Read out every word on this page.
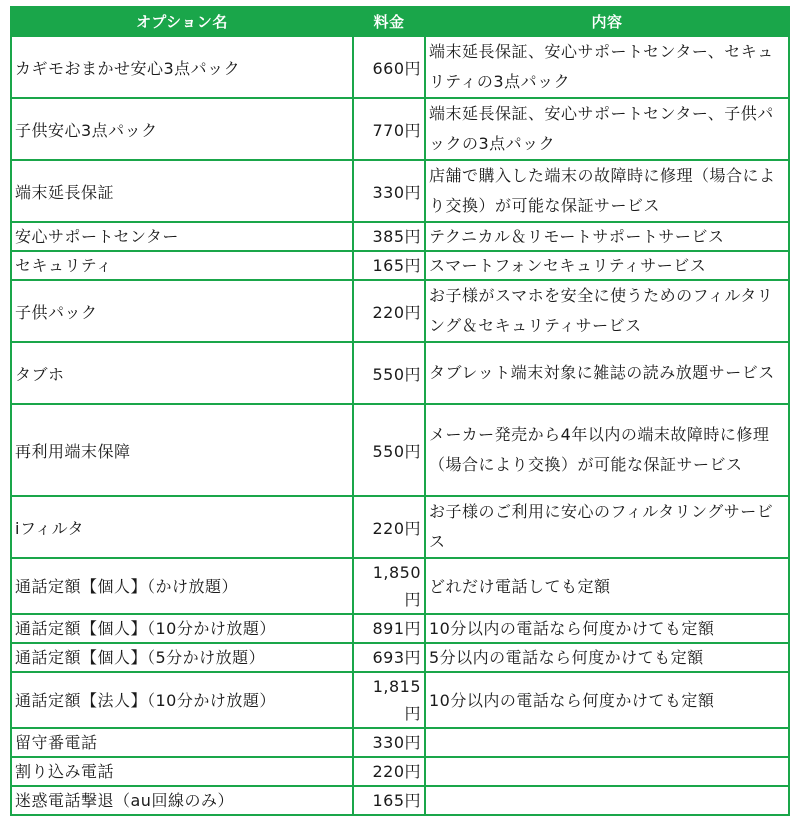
オプション名	料金	内容
カギモおまかせ安心3点パック	660円	端末延長保証、安心サポートセンター、セキュリティの3点パック
子供安心3点パック	770円	端末延長保証、安心サポートセンター、子供パックの3点パック
端末延長保証	330円	店舗で購入した端末の故障時に修理（場合により交換）が可能な保証サービス
安心サポートセンター	385円	テクニカル＆リモートサポートサービス
セキュリティ	165円	スマートフォンセキュリティサービス
子供パック	220円	お子様がスマホを安全に使うためのフィルタリング＆セキュリティサービス
タブホ	550円	タブレット端末対象に雑誌の読み放題サービス
再利用端末保障	550円	メーカー発売から4年以内の端末故障時に修理（場合により交換）が可能な保証サービス
iフィルタ	220円	お子様のご利用に安心のフィルタリングサービス
通話定額【個人】（かけ放題）	1,850円	どれだけ電話しても定額
通話定額【個人】（10分かけ放題）	891円	10分以内の電話なら何度かけても定額
通話定額【個人】（5分かけ放題）	693円	5分以内の電話なら何度かけても定額
通話定額【法人】（10分かけ放題）	1,815円	10分以内の電話なら何度かけても定額
留守番電話	330円	
割り込み電話	220円	
迷惑電話撃退（au回線のみ）	165円	
